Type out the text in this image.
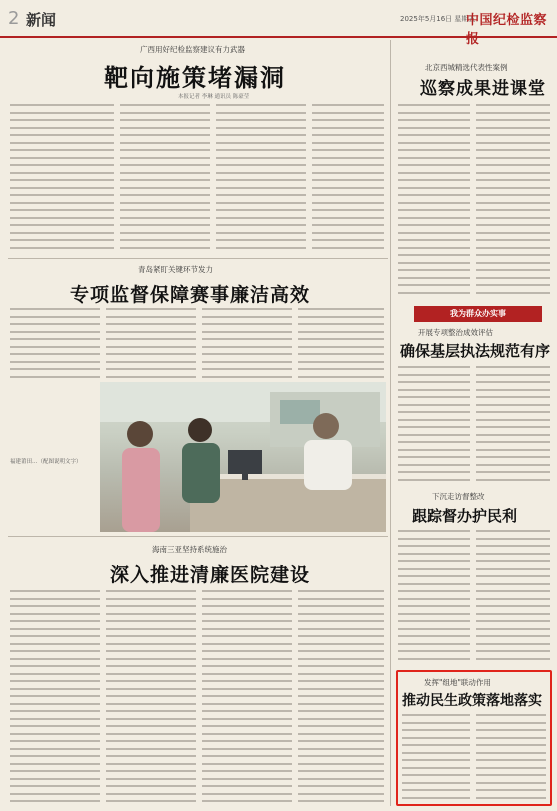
2 新闻	2025年5月16日 星期五
中国纪检监察报
广西用好纪检监察建议有力武器
靶向施策堵漏洞
本报记者 李琳 通讯员 陈豪莹
北京西城精选代表性案例
巡察成果进课堂
我为群众办实事
青岛紧盯关键环节发力
专项监督保障赛事廉洁高效
福建莆田…（配图说明文字）
开展专项整治成效评估
确保基层执法规范有序
下沉走访督整改
跟踪督办护民利
海南三亚坚持系统施治
深入推进清廉医院建设
发挥"组地"联动作用
推动民生政策落地落实
